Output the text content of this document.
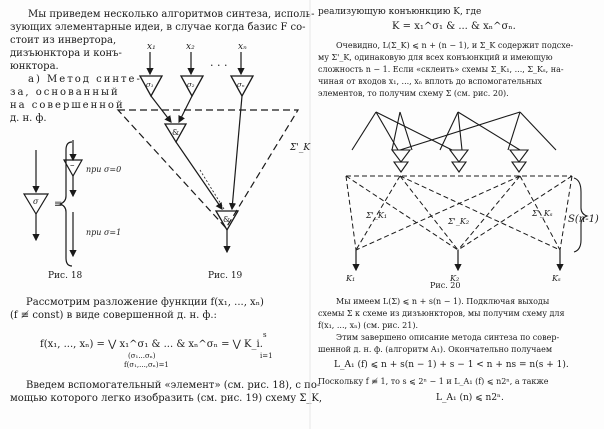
Мы приведем несколько алгоритмов синтеза, исполь-
зующих элементарные идеи, в случае когда базис F со-
стоит из инвертора,
дизъюнктора и конъ-
юнктора.
а) Метод синте-
за, основанный
на совершенной
д. н. ф.
при σ=0
при σ=1
Рис. 18	Рис. 19
Рассмотрим разложение функции f(x₁, ..., xₙ)
(f ≢ const) в виде совершенной д. н. ф.:
f(x₁, ..., xₙ) = ⋁ x₁^σ₁ & ... & xₙ^σₙ = ⋁ K_i.
(σ₁...σₙ)
f(σ₁,...,σₙ)=1
i=1
s
Введем вспомогательный «элемент» (см. рис. 18), с по-
мощью которого легко изобразить (см. рис. 19) схему Σ_K,
реализующую конъюнкцию K, где
K = x₁^σ₁ & ... & xₙ^σₙ.
Очевидно, L(Σ_K) ⩽ n + (n − 1), и Σ_K содержит подсхе-
му Σ'_K, одинаковую для всех конъюнкций и имеющую
сложность n − 1. Если «склеить» схемы Σ_K₁, ..., Σ_Kₛ, на-
чиная от входов x₁, ..., xₙ вплоть до вспомогательных
элементов, то получим схему Σ (см. рис. 20).
Рис. 20
Мы имеем L(Σ) ⩽ n + s(n − 1). Подключая выходы
схемы Σ к схеме из дизъюнкторов, мы получим схему для
f(x₁, ..., xₙ) (см. рис. 21).
Этим завершено описание метода синтеза по совер-
шенной д. н. ф. (алгоритм A₁). Окончательно получаем
L_A₁ (f) ⩽ n + s(n − 1) + s − 1 < n + ns = n(s + 1).
Поскольку f ≢ 1, то s ⩽ 2ⁿ − 1 и L_A₁ (f) ⩽ n2ⁿ, а также
L_A₁ (n) ⩽ n2ⁿ.
σ ≡
–
x₁	x₂
. . .
xₙ
σ₁	σ₂	σₙ
Σ'_K
&
&	Σ'_K₁
Σ'_K₂
Σ'_Kₛ
S(n-1)
K₁	K₂	Kₛ
